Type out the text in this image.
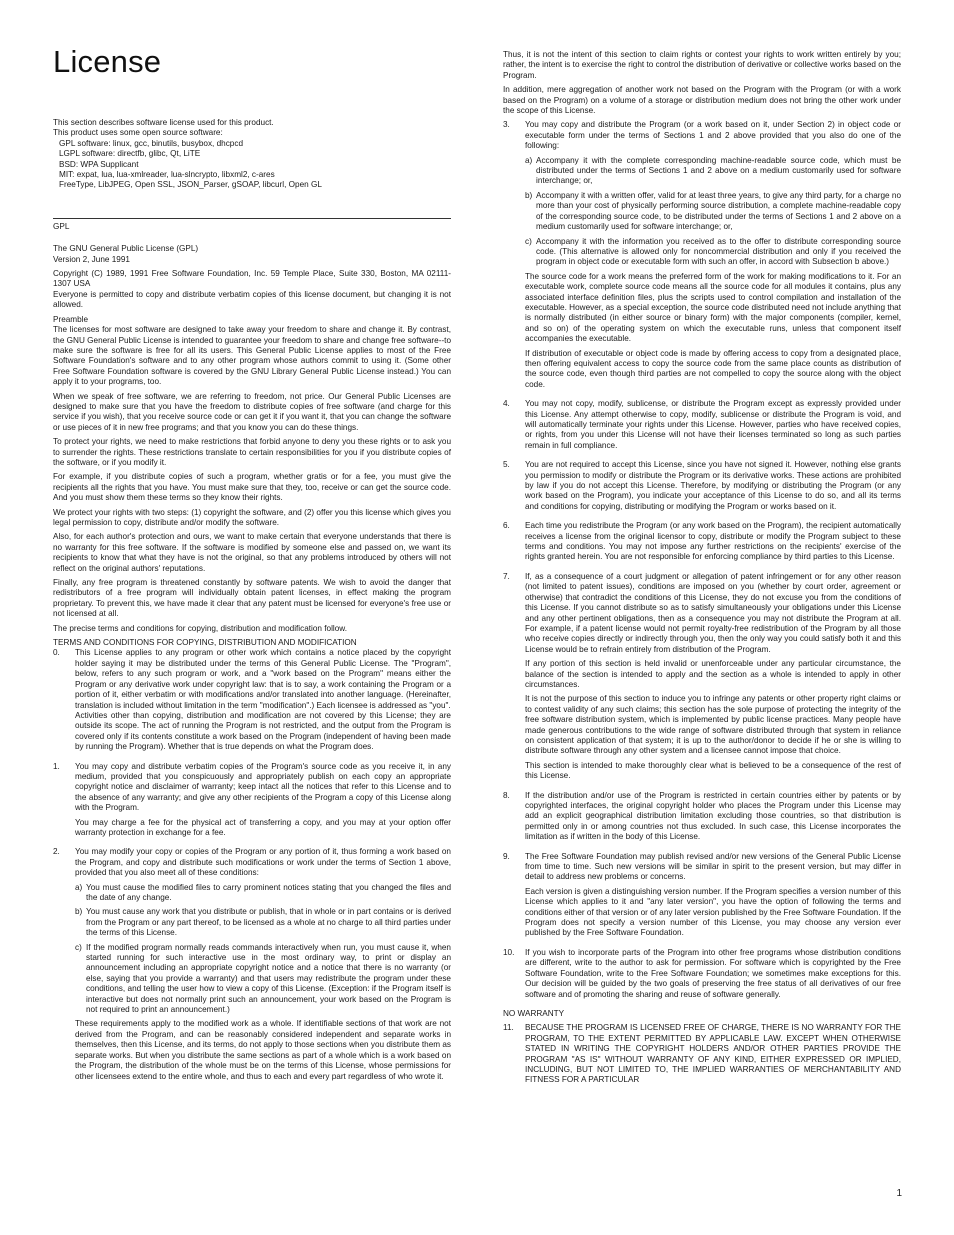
License
This section describes software license used for this product.
This product uses some open source software:
GPL software: linux, gcc, binutils, busybox, dhcpcd
LGPL software: directfb, glibc, Qt, LiTE
BSD: WPA Supplicant
MIT: expat, lua, lua-xmlreader, lua-slncrypto, libxml2, c-ares
FreeType, LibJPEG, Open SSL, JSON_Parser, gSOAP, libcurl, Open GL
GPL
The GNU General Public License (GPL)
Version 2, June 1991
Copyright (C) 1989, 1991 Free Software Foundation, Inc. 59 Temple Place, Suite 330, Boston, MA 02111-1307 USA
Everyone is permitted to copy and distribute verbatim copies of this license document, but changing it is not allowed.
Preamble
The licenses for most software are designed to take away your freedom to share and change it. By contrast, the GNU General Public License is intended to guarantee your freedom to share and change free software--to make sure the software is free for all its users. This General Public License applies to most of the Free Software Foundation's software and to any other program whose authors commit to using it. (Some other Free Software Foundation software is covered by the GNU Library General Public License instead.) You can apply it to your programs, too.
When we speak of free software, we are referring to freedom, not price. Our General Public Licenses are designed to make sure that you have the freedom to distribute copies of free software (and charge for this service if you wish), that you receive source code or can get it if you want it, that you can change the software or use pieces of it in new free programs; and that you know you can do these things.
To protect your rights, we need to make restrictions that forbid anyone to deny you these rights or to ask you to surrender the rights. These restrictions translate to certain responsibilities for you if you distribute copies of the software, or if you modify it.
For example, if you distribute copies of such a program, whether gratis or for a fee, you must give the recipients all the rights that you have. You must make sure that they, too, receive or can get the source code. And you must show them these terms so they know their rights.
We protect your rights with two steps: (1) copyright the software, and (2) offer you this license which gives you legal permission to copy, distribute and/or modify the software.
Also, for each author's protection and ours, we want to make certain that everyone understands that there is no warranty for this free software. If the software is modified by someone else and passed on, we want its recipients to know that what they have is not the original, so that any problems introduced by others will not reflect on the original authors' reputations.
Finally, any free program is threatened constantly by software patents. We wish to avoid the danger that redistributors of a free program will individually obtain patent licenses, in effect making the program proprietary. To prevent this, we have made it clear that any patent must be licensed for everyone's free use or not licensed at all.
The precise terms and conditions for copying, distribution and modification follow.
TERMS AND CONDITIONS FOR COPYING, DISTRIBUTION AND MODIFICATION
0.	This License applies to any program or other work which contains a notice placed by the copyright holder saying it may be distributed under the terms of this General Public License. The "Program", below, refers to any such program or work, and a "work based on the Program" means either the Program or any derivative work under copyright law: that is to say, a work containing the Program or a portion of it, either verbatim or with modifications and/or translated into another language. (Hereinafter, translation is included without limitation in the term "modification".) Each licensee is addressed as "you".
Activities other than copying, distribution and modification are not covered by this License; they are outside its scope. The act of running the Program is not restricted, and the output from the Program is covered only if its contents constitute a work based on the Program (independent of having been made by running the Program). Whether that is true depends on what the Program does.
1.	You may copy and distribute verbatim copies of the Program's source code as you receive it, in any medium, provided that you conspicuously and appropriately publish on each copy an appropriate copyright notice and disclaimer of warranty; keep intact all the notices that refer to this License and to the absence of any warranty; and give any other recipients of the Program a copy of this License along with the Program.
You may charge a fee for the physical act of transferring a copy, and you may at your option offer warranty protection in exchange for a fee.
2.	You may modify your copy or copies of the Program or any portion of it, thus forming a work based on the Program, and copy and distribute such modifications or work under the terms of Section 1 above, provided that you also meet all of these conditions:
a) You must cause the modified files to carry prominent notices stating that you changed the files and the date of any change.
b) You must cause any work that you distribute or publish, that in whole or in part contains or is derived from the Program or any part thereof, to be licensed as a whole at no charge to all third parties under the terms of this License.
c) If the modified program normally reads commands interactively when run, you must cause it, when started running for such interactive use in the most ordinary way, to print or display an announcement including an appropriate copyright notice and a notice that there is no warranty (or else, saying that you provide a warranty) and that users may redistribute the program under these conditions, and telling the user how to view a copy of this License. (Exception: if the Program itself is interactive but does not normally print such an announcement, your work based on the Program is not required to print an announcement.)
These requirements apply to the modified work as a whole. If identifiable sections of that work are not derived from the Program, and can be reasonably considered independent and separate works in themselves, then this License, and its terms, do not apply to those sections when you distribute them as separate works. But when you distribute the same sections as part of a whole which is a work based on the Program, the distribution of the whole must be on the terms of this License, whose permissions for other licensees extend to the entire whole, and thus to each and every part regardless of who wrote it.
Thus, it is not the intent of this section to claim rights or contest your rights to work written entirely by you; rather, the intent is to exercise the right to control the distribution of derivative or collective works based on the Program.
In addition, mere aggregation of another work not based on the Program with the Program (or with a work based on the Program) on a volume of a storage or distribution medium does not bring the other work under the scope of this License.
3.	You may copy and distribute the Program (or a work based on it, under Section 2) in object code or executable form under the terms of Sections 1 and 2 above provided that you also do one of the following:
a) Accompany it with the complete corresponding machine-readable source code, which must be distributed under the terms of Sections 1 and 2 above on a medium customarily used for software interchange; or,
b) Accompany it with a written offer, valid for at least three years, to give any third party, for a charge no more than your cost of physically performing source distribution, a complete machine-readable copy of the corresponding source code, to be distributed under the terms of Sections 1 and 2 above on a medium customarily used for software interchange; or,
c) Accompany it with the information you received as to the offer to distribute corresponding source code. (This alternative is allowed only for noncommercial distribution and only if you received the program in object code or executable form with such an offer, in accord with Subsection b above.)
The source code for a work means the preferred form of the work for making modifications to it. For an executable work, complete source code means all the source code for all modules it contains, plus any associated interface definition files, plus the scripts used to control compilation and installation of the executable. However, as a special exception, the source code distributed need not include anything that is normally distributed (in either source or binary form) with the major components (compiler, kernel, and so on) of the operating system on which the executable runs, unless that component itself accompanies the executable.
If distribution of executable or object code is made by offering access to copy from a designated place, then offering equivalent access to copy the source code from the same place counts as distribution of the source code, even though third parties are not compelled to copy the source along with the object code.
4.	You may not copy, modify, sublicense, or distribute the Program except as expressly provided under this License. Any attempt otherwise to copy, modify, sublicense or distribute the Program is void, and will automatically terminate your rights under this License. However, parties who have received copies, or rights, from you under this License will not have their licenses terminated so long as such parties remain in full compliance.
5.	You are not required to accept this License, since you have not signed it. However, nothing else grants you permission to modify or distribute the Program or its derivative works. These actions are prohibited by law if you do not accept this License. Therefore, by modifying or distributing the Program (or any work based on the Program), you indicate your acceptance of this License to do so, and all its terms and conditions for copying, distributing or modifying the Program or works based on it.
6.	Each time you redistribute the Program (or any work based on the Program), the recipient automatically receives a license from the original licensor to copy, distribute or modify the Program subject to these terms and conditions. You may not impose any further restrictions on the recipients' exercise of the rights granted herein. You are not responsible for enforcing compliance by third parties to this License.
7.	If, as a consequence of a court judgment or allegation of patent infringement or for any other reason (not limited to patent issues), conditions are imposed on you (whether by court order, agreement or otherwise) that contradict the conditions of this License, they do not excuse you from the conditions of this License. If you cannot distribute so as to satisfy simultaneously your obligations under this License and any other pertinent obligations, then as a consequence you may not distribute the Program at all. For example, if a patent license would not permit royalty-free redistribution of the Program by all those who receive copies directly or indirectly through you, then the only way you could satisfy both it and this License would be to refrain entirely from distribution of the Program.
If any portion of this section is held invalid or unenforceable under any particular circumstance, the balance of the section is intended to apply and the section as a whole is intended to apply in other circumstances.
It is not the purpose of this section to induce you to infringe any patents or other property right claims or to contest validity of any such claims; this section has the sole purpose of protecting the integrity of the free software distribution system, which is implemented by public license practices. Many people have made generous contributions to the wide range of software distributed through that system in reliance on consistent application of that system; it is up to the author/donor to decide if he or she is willing to distribute software through any other system and a licensee cannot impose that choice.
This section is intended to make thoroughly clear what is believed to be a consequence of the rest of this License.
8.	If the distribution and/or use of the Program is restricted in certain countries either by patents or by copyrighted interfaces, the original copyright holder who places the Program under this License may add an explicit geographical distribution limitation excluding those countries, so that distribution is permitted only in or among countries not thus excluded. In such case, this License incorporates the limitation as if written in the body of this License.
9.	The Free Software Foundation may publish revised and/or new versions of the General Public License from time to time. Such new versions will be similar in spirit to the present version, but may differ in detail to address new problems or concerns.
Each version is given a distinguishing version number. If the Program specifies a version number of this License which applies to it and "any later version", you have the option of following the terms and conditions either of that version or of any later version published by the Free Software Foundation. If the Program does not specify a version number of this License, you may choose any version ever published by the Free Software Foundation.
10.	If you wish to incorporate parts of the Program into other free programs whose distribution conditions are different, write to the author to ask for permission. For software which is copyrighted by the Free Software Foundation, write to the Free Software Foundation; we sometimes make exceptions for this. Our decision will be guided by the two goals of preserving the free status of all derivatives of our free software and of promoting the sharing and reuse of software generally.
NO WARRANTY
11.	BECAUSE THE PROGRAM IS LICENSED FREE OF CHARGE, THERE IS NO WARRANTY FOR THE PROGRAM, TO THE EXTENT PERMITTED BY APPLICABLE LAW. EXCEPT WHEN OTHERWISE STATED IN WRITING THE COPYRIGHT HOLDERS AND/OR OTHER PARTIES PROVIDE THE PROGRAM "AS IS" WITHOUT WARRANTY OF ANY KIND, EITHER EXPRESSED OR IMPLIED, INCLUDING, BUT NOT LIMITED TO, THE IMPLIED WARRANTIES OF MERCHANTABILITY AND FITNESS FOR A PARTICULAR
1
